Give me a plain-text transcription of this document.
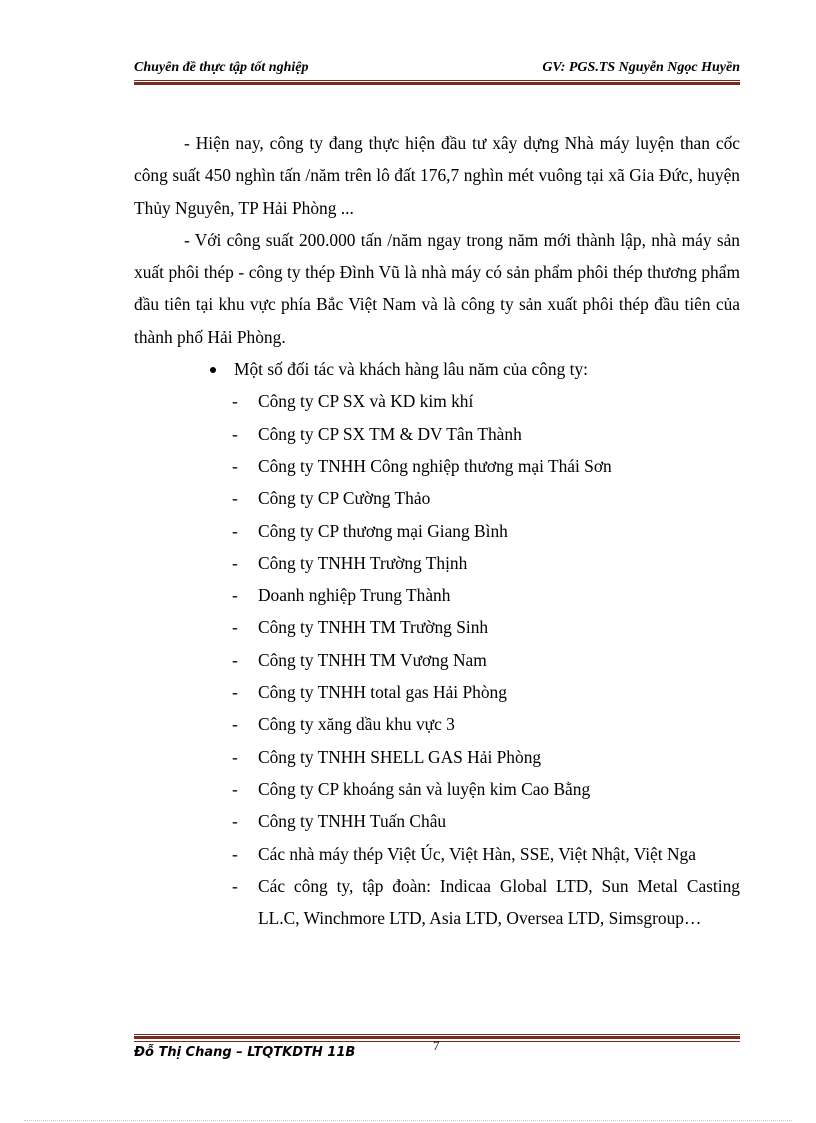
Chuyên đề thực tập tốt nghiệp	GV: PGS.TS Nguyễn Ngọc Huyền

- Hiện nay, công ty đang thực hiện đầu tư xây dựng Nhà máy luyện than cốc công suất 450 nghìn tấn /năm trên lô đất 176,7 nghìn mét vuông tại xã Gia Đức, huyện Thủy Nguyên, TP Hải Phòng ...

- Với công suất 200.000 tấn /năm ngay trong năm mới thành lập, nhà máy sản xuất phôi thép - công ty thép Đình Vũ là nhà máy có sản phẩm phôi thép thương phẩm đầu tiên tại khu vực phía Bắc Việt Nam và là công ty sản xuất phôi thép đầu tiên của thành phố Hải Phòng.

Một số đối tác và khách hàng lâu năm của công ty:

- Công ty CP SX và KD kim khí
- Công ty CP SX TM & DV Tân Thành
- Công ty TNHH Công nghiệp thương mại Thái Sơn
- Công ty CP Cường Thảo
- Công ty CP thương mại Giang Bình
- Công ty TNHH Trường Thịnh
- Doanh nghiệp Trung Thành
- Công ty TNHH TM Trường Sinh
- Công ty TNHH TM Vương Nam
- Công ty TNHH total gas Hải Phòng
- Công ty xăng dầu khu vực 3
- Công ty TNHH SHELL GAS Hải Phòng
- Công ty CP khoáng sản và luyện kim Cao Bằng
- Công ty TNHH Tuấn Châu
- Các nhà máy thép Việt Úc, Việt Hàn, SSE, Việt Nhật, Việt Nga
- Các công ty, tập đoàn: Indicaa Global LTD, Sun Metal Casting LL.C, Winchmore LTD, Asia LTD, Oversea LTD, Simsgroup…
Đỗ Thị Chang – LTQTKDTH 11B	7
